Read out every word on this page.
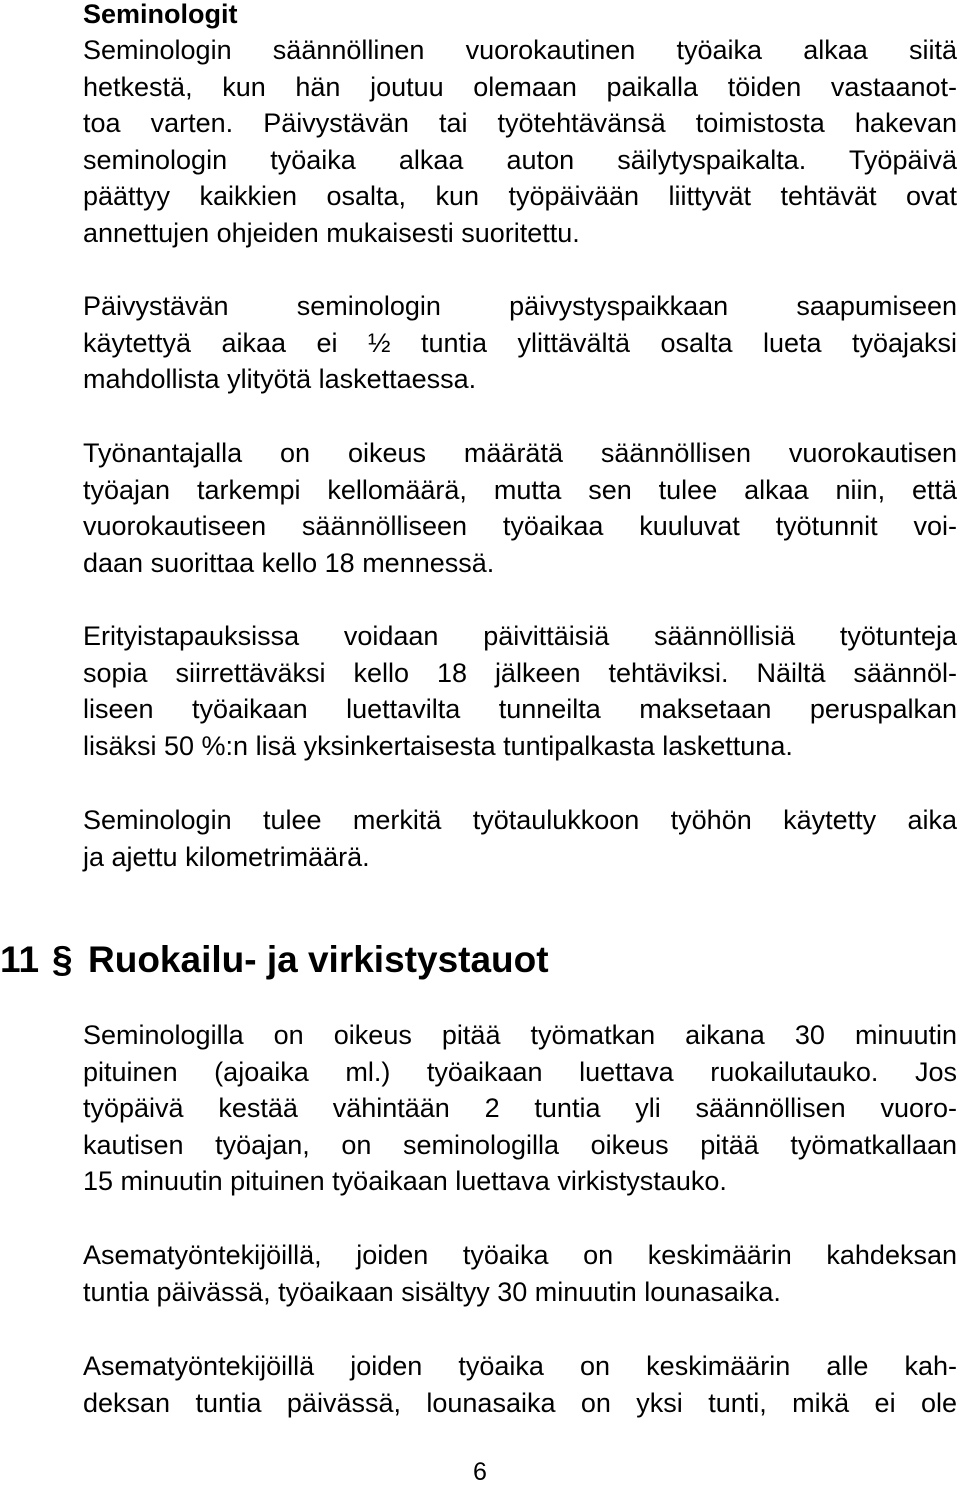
Seminologit
Seminologin säännöllinen vuorokautinen työaika alkaa siitä
hetkestä, kun hän joutuu olemaan paikalla töiden vastaanot-
toa varten. Päivystävän tai työtehtävänsä toimistosta hakevan
seminologin työaika alkaa auton säilytyspaikalta. Työpäivä
päättyy kaikkien osalta, kun työpäivään liittyvät tehtävät ovat
annettujen ohjeiden mukaisesti suoritettu.
Päivystävän seminologin päivystyspaikkaan saapumiseen
käytettyä aikaa ei ½ tuntia ylittävältä osalta lueta työajaksi
mahdollista ylityötä laskettaessa.
Työnantajalla on oikeus määrätä säännöllisen vuorokautisen
työajan tarkempi kellomäärä, mutta sen tulee alkaa niin, että
vuorokautiseen säännölliseen työaikaa kuuluvat työtunnit voi-
daan suorittaa kello 18 mennessä.
Erityistapauksissa voidaan päivittäisiä säännöllisiä työtunteja
sopia siirrettäväksi kello 18 jälkeen tehtäviksi. Näiltä säännöl-
liseen työaikaan luettavilta tunneilta maksetaan peruspalkan
lisäksi 50 %:n lisä yksinkertaisesta tuntipalkasta laskettuna.
Seminologin tulee merkitä työtaulukkoon työhön käytetty aika
ja ajettu kilometrimäärä.
11 § Ruokailu- ja virkistystauot
Seminologilla on oikeus pitää työmatkan aikana 30 minuutin
pituinen (ajoaika ml.) työaikaan luettava ruokailutauko. Jos
työpäivä kestää vähintään 2 tuntia yli säännöllisen vuoro-
kautisen työajan, on seminologilla oikeus pitää työmatkallaan
15 minuutin pituinen työaikaan luettava virkistystauko.
Asematyöntekijöillä, joiden työaika on keskimäärin kahdeksan
tuntia päivässä, työaikaan sisältyy 30 minuutin lounasaika.
Asematyöntekijöillä joiden työaika on keskimäärin alle kah-
deksan tuntia päivässä, lounasaika on yksi tunti, mikä ei ole
6
